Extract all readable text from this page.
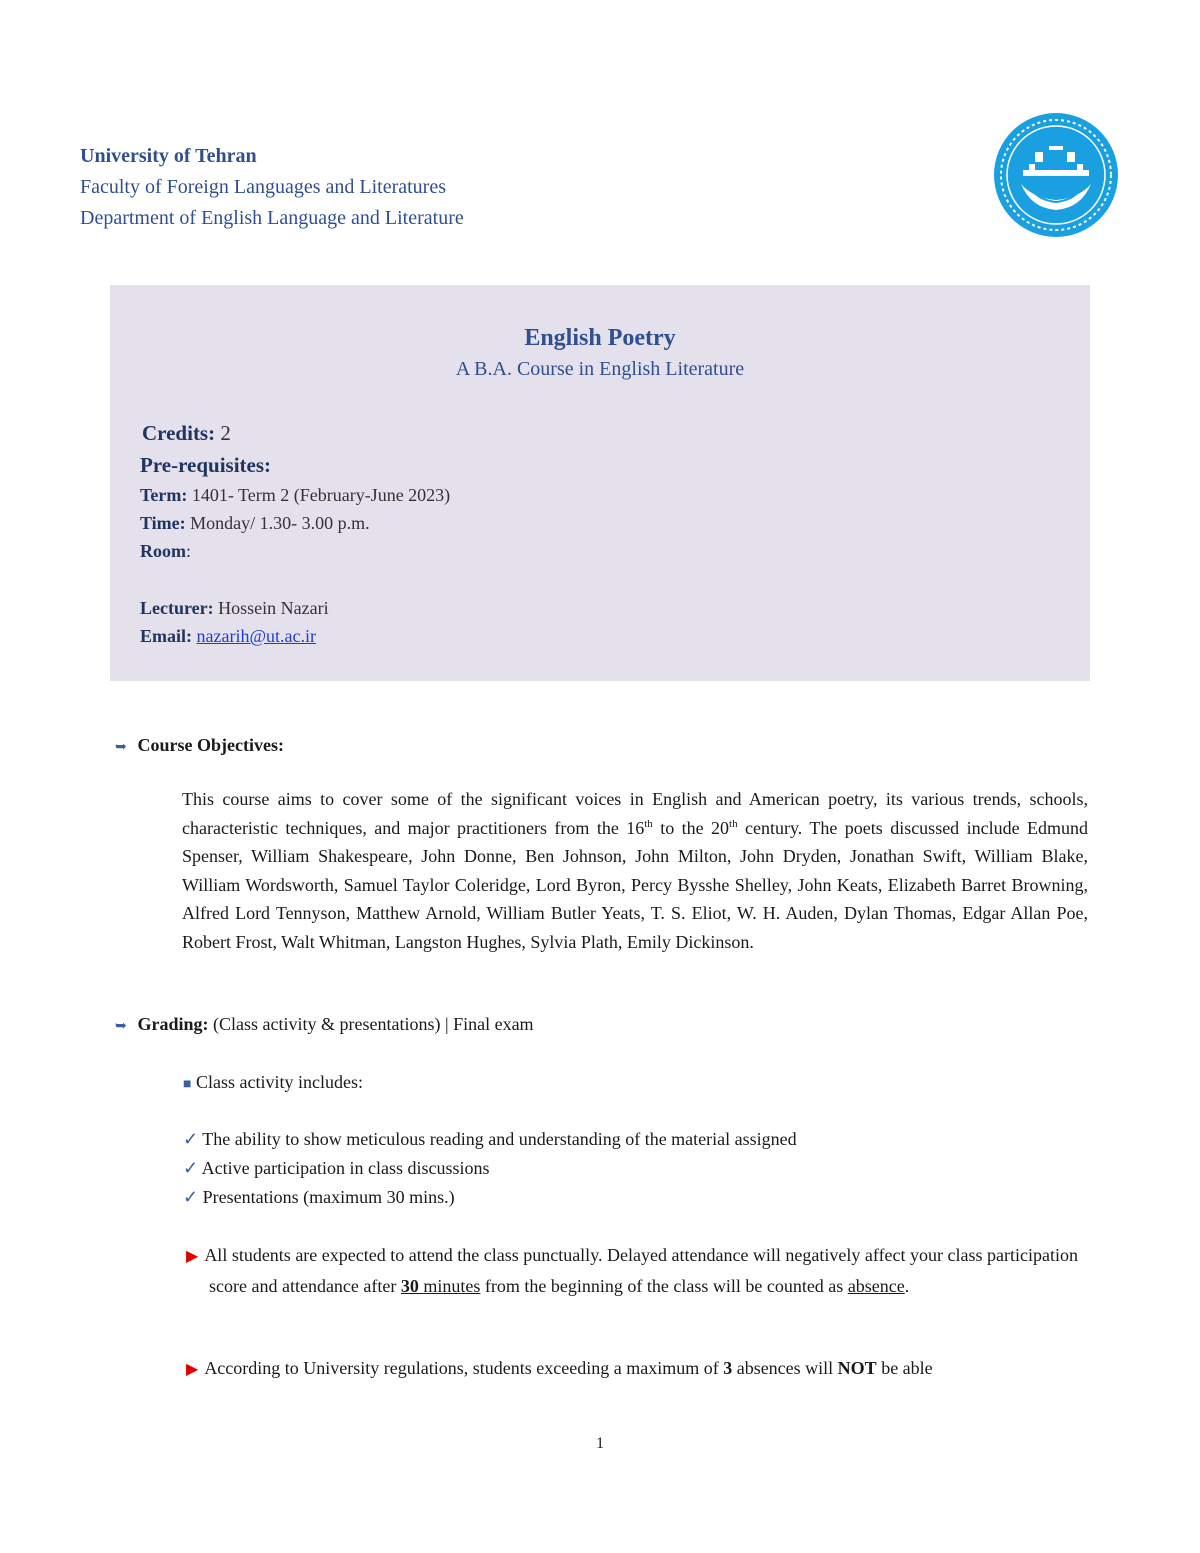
University of Tehran
Faculty of Foreign Languages and Literatures
Department of English Language and Literature
English Poetry
A B.A. Course in English Literature
Credits: 2
Pre-requisites:
Term: 1401- Term 2 (February-June 2023)
Time: Monday/ 1.30- 3.00 p.m.
Room:
Lecturer: Hossein Nazari
Email: nazarih@ut.ac.ir
➥ Course Objectives:
This course aims to cover some of the significant voices in English and American poetry, its various trends, schools, characteristic techniques, and major practitioners from the 16th to the 20th century. The poets discussed include Edmund Spenser, William Shakespeare, John Donne, Ben Johnson, John Milton, John Dryden, Jonathan Swift, William Blake, William Wordsworth, Samuel Taylor Coleridge, Lord Byron, Percy Bysshe Shelley, John Keats, Elizabeth Barret Browning, Alfred Lord Tennyson, Matthew Arnold, William Butler Yeats, T. S. Eliot, W. H. Auden, Dylan Thomas, Edgar Allan Poe, Robert Frost, Walt Whitman, Langston Hughes, Sylvia Plath, Emily Dickinson.
➥ Grading: (Class activity & presentations) | Final exam
■ Class activity includes:
✓ The ability to show meticulous reading and understanding of the material assigned
✓ Active participation in class discussions
✓ Presentations (maximum 30 mins.)
▶ All students are expected to attend the class punctually. Delayed attendance will negatively affect your class participation score and attendance after 30 minutes from the beginning of the class will be counted as absence.
▶ According to University regulations, students exceeding a maximum of 3 absences will NOT be able
1
